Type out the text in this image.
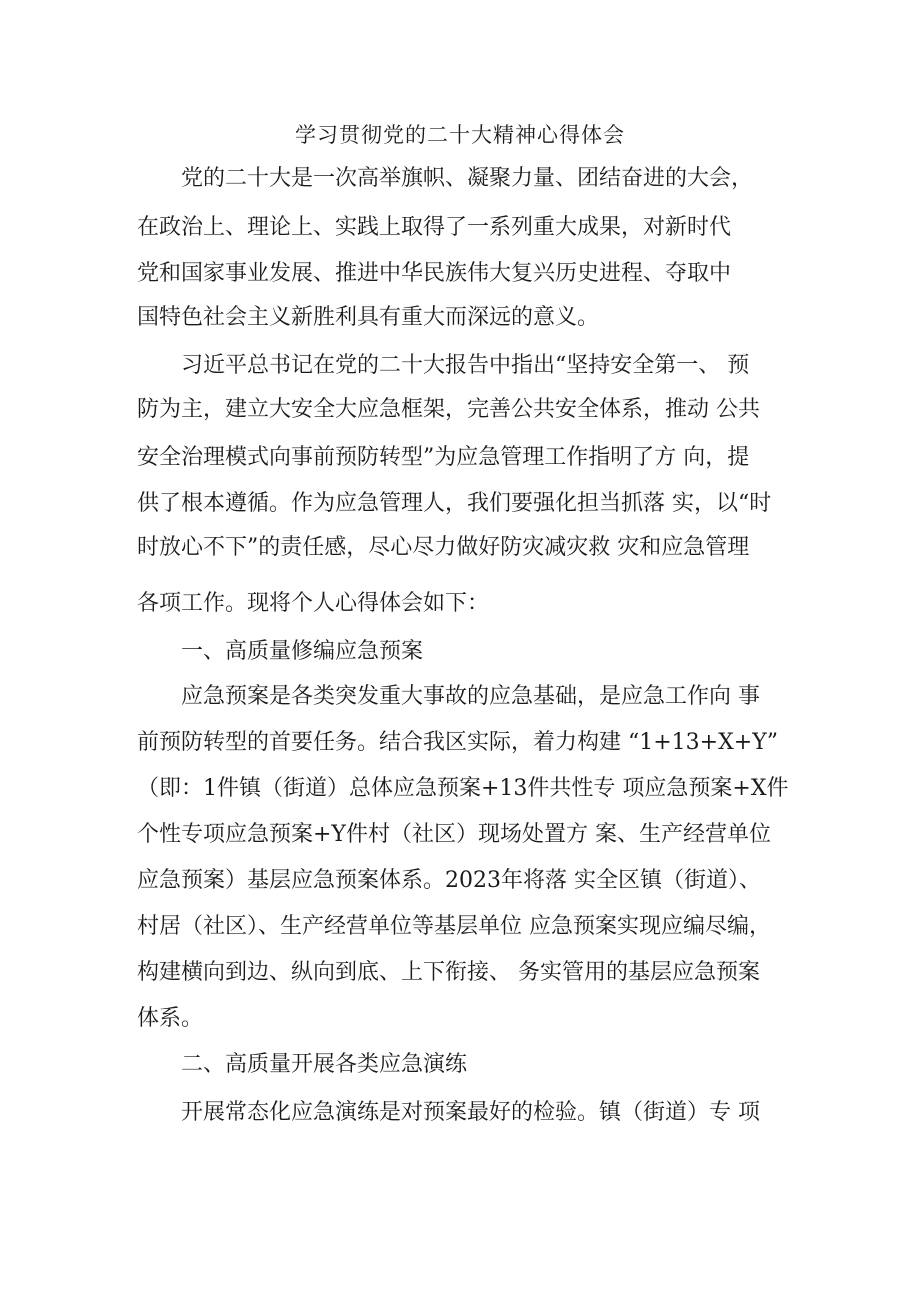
学习贯彻党的二十大精神心得体会
党的二十大是一次高举旗帜、凝聚力量、团结奋进的大会，
在政治上、理论上、实践上取得了一系列重大成果，对新时代
党和国家事业发展、推进中华民族伟大复兴历史进程、夺取中
国特色社会主义新胜利具有重大而深远的意义。
习近平总书记在党的二十大报告中指出“坚持安全第一、 预
防为主，建立大安全大应急框架，完善公共安全体系，推动 公共
安全治理模式向事前预防转型”为应急管理工作指明了方 向，提
供了根本遵循。作为应急管理人，我们要强化担当抓落 实，以“时
时放心不下”的责任感，尽心尽力做好防灾减灾救 灾和应急管理
各项工作。现将个人心得体会如下：
一、高质量修编应急预案
应急预案是各类突发重大事故的应急基础，是应急工作向 事
前预防转型的首要任务。结合我区实际，着力构建 “1+13+X+Y”
（即：1件镇（街道）总体应急预案+13件共性专 项应急预案+X件
个性专项应急预案+Y件村（社区）现场处置方 案、生产经营单位
应急预案）基层应急预案体系。2023年将落 实全区镇（街道）、
村居（社区）、生产经营单位等基层单位 应急预案实现应编尽编，
构建横向到边、纵向到底、上下衔接、 务实管用的基层应急预案
体系。
二、高质量开展各类应急演练
开展常态化应急演练是对预案最好的检验。镇（街道）专 项
